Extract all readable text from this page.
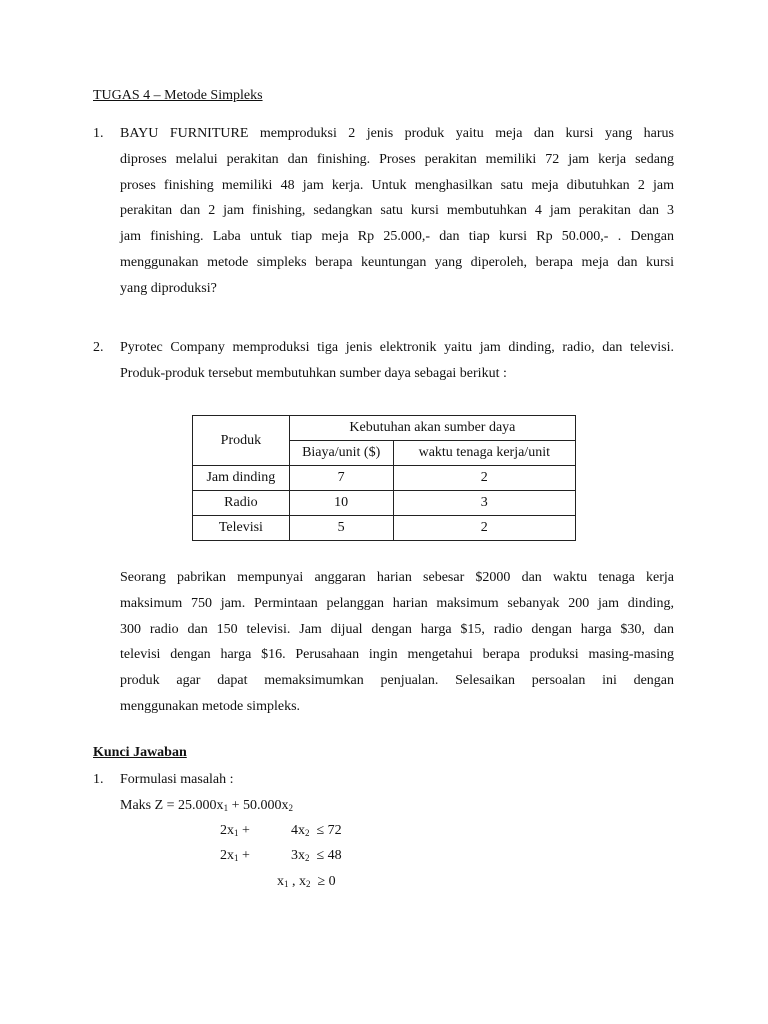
TUGAS 4 – Metode Simpleks
1.	BAYU FURNITURE memproduksi 2 jenis produk yaitu meja dan kursi yang harus
diproses melalui perakitan dan finishing. Proses perakitan memiliki 72 jam kerja sedang
proses finishing memiliki 48 jam kerja. Untuk menghasilkan satu meja dibutuhkan 2 jam
perakitan dan 2 jam finishing, sedangkan satu kursi membutuhkan 4 jam perakitan dan 3
jam finishing. Laba untuk tiap meja Rp 25.000,- dan tiap kursi Rp 50.000,- . Dengan
menggunakan metode simpleks berapa keuntungan yang diperoleh, berapa meja dan kursi
yang diproduksi?
2.	Pyrotec Company memproduksi tiga jenis elektronik yaitu jam dinding, radio, dan televisi.
Produk-produk tersebut membutuhkan sumber daya sebagai berikut :
Produk	Kebutuhan akan sumber daya	
	Biaya/unit ($)	waktu tenaga kerja/unit
Jam dinding	7	2
Radio	10	3
Televisi	5	2
Seorang pabrikan mempunyai anggaran harian sebesar $2000 dan waktu tenaga kerja
maksimum 750 jam. Permintaan pelanggan harian maksimum sebanyak 200 jam dinding,
300 radio dan 150 televisi. Jam dijual dengan harga $15, radio dengan harga $30, dan
televisi dengan harga $16. Perusahaan ingin mengetahui berapa produksi masing-masing
produk agar dapat memaksimumkan penjualan. Selesaikan persoalan ini dengan
menggunakan metode simpleks.
Kunci Jawaban
1.	Formulasi masalah :
Maks $Z = 25.000x_1 + 50.000x_2$
$2x_1$ +	$4x_2 \le 72$
$2x_1$ +	$3x_2 \le 48$
$x_1$ , $x_2 \ge 0$
